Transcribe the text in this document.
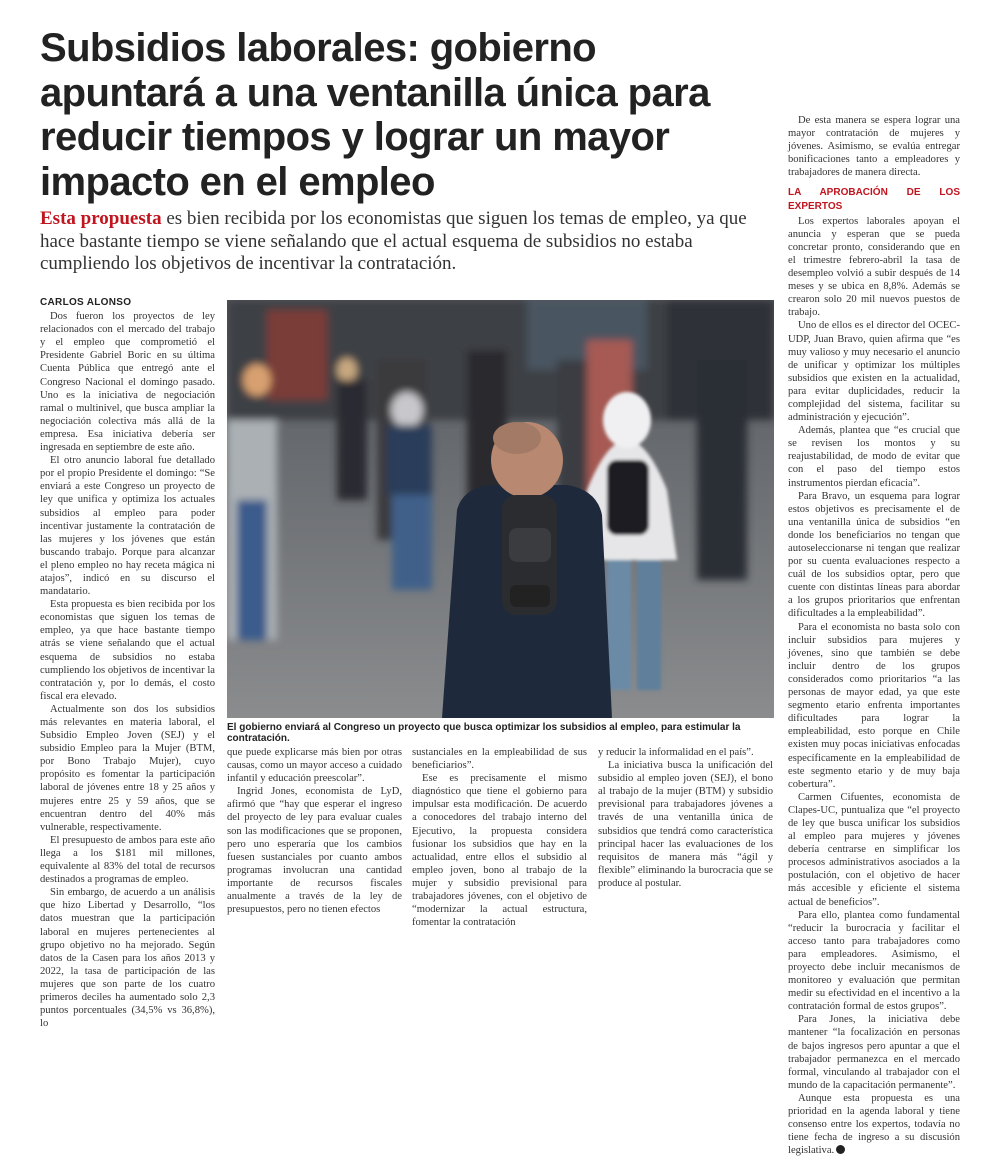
Subsidios laborales: gobierno apuntará a una ventanilla única para reducir tiempos y lograr un mayor impacto en el empleo

Esta propuesta es bien recibida por los economistas que siguen los temas de empleo, ya que hace bastante tiempo se viene señalando que el actual esquema de subsidios no estaba cumpliendo los objetivos de incentivar la contratación.

CARLOS ALONSO

Dos fueron los proyectos de ley relacionados con el mercado del trabajo y el empleo que comprometió el Presidente Gabriel Boric en su última Cuenta Pública que entregó ante el Congreso Nacional el domingo pasado. Uno es la iniciativa de negociación ramal o multinivel, que busca ampliar la negociación colectiva más allá de la empresa. Esa iniciativa debería ser ingresada en septiembre de este año.

El otro anuncio laboral fue detallado por el propio Presidente el domingo: “Se enviará a este Congreso un proyecto de ley que unifica y optimiza los actuales subsidios al empleo para poder incentivar justamente la contratación de las mujeres y los jóvenes que están buscando trabajo. Porque para alcanzar el pleno empleo no hay receta mágica ni atajos”, indicó en su discurso el mandatario.

Esta propuesta es bien recibida por los economistas que siguen los temas de empleo, ya que hace bastante tiempo atrás se viene señalando que el actual esquema de subsidios no estaba cumpliendo los objetivos de incentivar la contratación y, por lo demás, el costo fiscal era elevado.

Actualmente son dos los subsidios más relevantes en materia laboral, el Subsidio Empleo Joven (SEJ) y el subsidio Empleo para la Mujer (BTM, por Bono Trabajo Mujer), cuyo propósito es fomentar la participación laboral de jóvenes entre 18 y 25 años y mujeres entre 25 y 59 años, que se encuentran dentro del 40% más vulnerable, respectivamente.

El presupuesto de ambos para este año llega a los $181 mil millones, equivalente al 83% del total de recursos destinados a programas de empleo.

Sin embargo, de acuerdo a un análisis que hizo Libertad y Desarrollo, “los datos muestran que la participación laboral en mujeres pertenecientes al grupo objetivo no ha mejorado. Según datos de la Casen para los años 2013 y 2022, la tasa de participación de las mujeres que son parte de los cuatro primeros deciles ha aumentado solo 2,3 puntos porcentuales (34,5% vs 36,8%), lo

El gobierno enviará al Congreso un proyecto que busca optimizar los subsidios al empleo, para estimular la contratación.

que puede explicarse más bien por otras causas, como un mayor acceso a cuidado infantil y educación preescolar”.

Ingrid Jones, economista de LyD, afirmó que “hay que esperar el ingreso del proyecto de ley para evaluar cuales son las modificaciones que se proponen, pero uno esperaría que los cambios fuesen sustanciales por cuanto ambos programas involucran una cantidad importante de recursos fiscales anualmente a través de la ley de presupuestos, pero no tienen efectos

sustanciales en la empleabilidad de sus beneficiarios”.

Ese es precisamente el mismo diagnóstico que tiene el gobierno para impulsar esta modificación. De acuerdo a conocedores del trabajo interno del Ejecutivo, la propuesta considera fusionar los subsidios que hay en la actualidad, entre ellos el subsidio al empleo joven, bono al trabajo de la mujer y subsidio previsional para trabajadores jóvenes, con el objetivo de “modernizar la actual estructura, fomentar la contratación

y reducir la informalidad en el país”.

La iniciativa busca la unificación del subsidio al empleo joven (SEJ), el bono al trabajo de la mujer (BTM) y subsidio previsional para trabajadores jóvenes a través de una ventanilla única de subsidios que tendrá como característica principal hacer las evaluaciones de los requisitos de manera más “ágil y flexible” eliminando la burocracia que se produce al postular.

De esta manera se espera lograr una mayor contratación de mujeres y jóvenes. Asimismo, se evalúa entregar bonificaciones tanto a empleadores y trabajadores de manera directa.

LA APROBACIÓN DE LOS EXPERTOS

Los expertos laborales apoyan el anuncia y esperan que se pueda concretar pronto, considerando que en el trimestre febrero-abril la tasa de desempleo volvió a subir después de 14 meses y se ubica en 8,8%. Además se crearon solo 20 mil nuevos puestos de trabajo.

Uno de ellos es el director del OCEC-UDP, Juan Bravo, quien afirma que “es muy valioso y muy necesario el anuncio de unificar y optimizar los múltiples subsidios que existen en la actualidad, para evitar duplicidades, reducir la complejidad del sistema, facilitar su administración y ejecución”.

Además, plantea que “es crucial que se revisen los montos y su reajustabilidad, de modo de evitar que con el paso del tiempo estos instrumentos pierdan eficacia”.

Para Bravo, un esquema para lograr estos objetivos es precisamente el de una ventanilla única de subsidios “en donde los beneficiarios no tengan que autoseleccionarse ni tengan que realizar por su cuenta evaluaciones respecto a cuál de los subsidios optar, pero que cuente con distintas líneas para abordar a los grupos prioritarios que enfrentan dificultades a la empleabilidad”.

Para el economista no basta solo con incluir subsidios para mujeres y jóvenes, sino que también se debe incluir dentro de los grupos considerados como prioritarios “a las personas de mayor edad, ya que este segmento etario enfrenta importantes dificultades para lograr la empleabilidad, esto porque en Chile existen muy pocas iniciativas enfocadas específicamente en la empleabilidad de este segmento etario y de muy baja cobertura”.

Carmen Cifuentes, economista de Clapes-UC, puntualiza que “el proyecto de ley que busca unificar los subsidios al empleo para mujeres y jóvenes debería centrarse en simplificar los procesos administrativos asociados a la postulación, con el objetivo de hacer más accesible y eficiente el sistema actual de beneficios”.

Para ello, plantea como fundamental “reducir la burocracia y facilitar el acceso tanto para trabajadores como para empleadores. Asimismo, el proyecto debe incluir mecanismos de monitoreo y evaluación que permitan medir su efectividad en el incentivo a la contratación formal de estos grupos”.

Para Jones, la iniciativa debe mantener “la focalización en personas de bajos ingresos pero apuntar a que el trabajador permanezca en el mercado formal, vinculando al trabajador con el mundo de la capacitación permanente”.

Aunque esta propuesta es una prioridad en la agenda laboral y tiene consenso entre los expertos, todavía no tiene fecha de ingreso a su discusión legislativa.
